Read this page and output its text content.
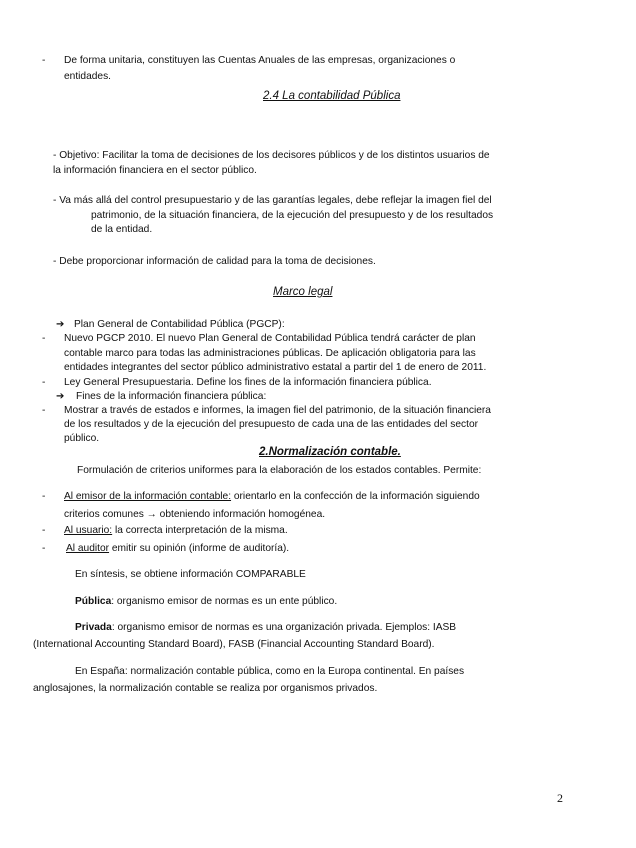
- De forma unitaria, constituyen las Cuentas Anuales de las empresas, organizaciones o
entidades.
2.4 La contabilidad Pública
- Objetivo: Facilitar la toma de decisiones de los decisores públicos y de los distintos usuarios de
la información financiera en el sector público.
- Va más allá del control presupuestario y de las garantías legales, debe reflejar la imagen fiel del
patrimonio, de la situación financiera, de la ejecución del presupuesto y de los resultados
de la entidad.
- Debe proporcionar información de calidad para la toma de decisiones.
Marco legal
➔ Plan General de Contabilidad Pública (PGCP):
- Nuevo PGCP 2010. El nuevo Plan General de Contabilidad Pública tendrá carácter de plan
contable marco para todas las administraciones públicas. De aplicación obligatoria para las
entidades integrantes del sector público administrativo estatal a partir del 1 de enero de 2011.
- Ley General Presupuestaria. Define los fines de la información financiera pública.
➔ Fines de la información financiera pública:
- Mostrar a través de estados e informes, la imagen fiel del patrimonio, de la situación financiera
de los resultados y de la ejecución del presupuesto de cada una de las entidades del sector
público.
2.Normalización contable.
Formulación de criterios uniformes para la elaboración de los estados contables. Permite:
- Al emisor de la información contable: orientarlo en la confección de la información siguiendo
criterios comunes → obteniendo información homogénea.
- Al usuario: la correcta interpretación de la misma.
- Al auditor emitir su opinión (informe de auditoría).
En síntesis, se obtiene información COMPARABLE
Pública: organismo emisor de normas es un ente público.
Privada: organismo emisor de normas es una organización privada. Ejemplos: IASB
(International Accounting Standard Board), FASB (Financial Accounting Standard Board).
En España: normalización contable pública, como en la Europa continental. En países
anglosajones, la normalización contable se realiza por organismos privados.
2
